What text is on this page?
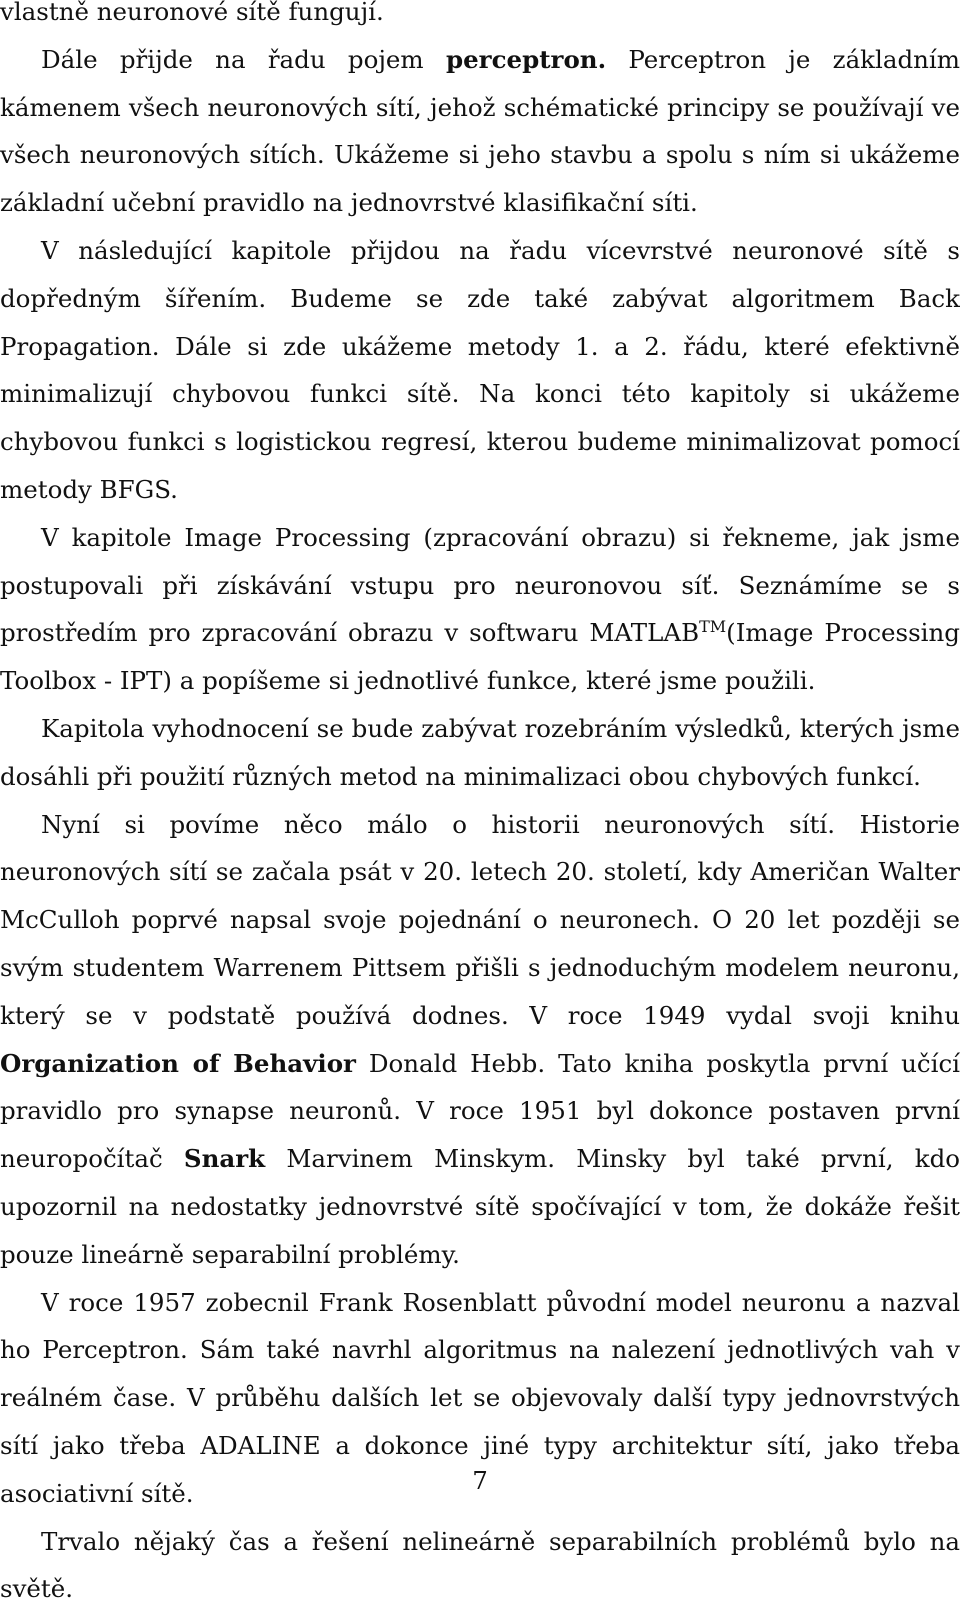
vlastně neuronové sítě fungují.

Dále přijde na řadu pojem perceptron. Perceptron je základním kámenem všech neuronových sítí, jehož schématické principy se používají ve všech neuronových sítích. Ukážeme si jeho stavbu a spolu s ním si ukážeme základní učební pravidlo na jednovrstvé klasifikační síti.

V následující kapitole přijdou na řadu vícevrstvé neuronové sítě s dopředným šířením. Budeme se zde také zabývat algoritmem Back Propagation. Dále si zde ukážeme metody 1. a 2. řádu, které efektivně minimalizují chybovou funkci sítě. Na konci této kapitoly si ukážeme chybovou funkci s logistickou regresí, kterou budeme minimalizovat pomocí metody BFGS.

V kapitole Image Processing (zpracování obrazu) si řekneme, jak jsme postupovali při získávání vstupu pro neuronovou síť. Seznámíme se s prostředím pro zpracování obrazu v softwaru MATLAB™(Image Processing Toolbox - IPT) a popíšeme si jednotlivé funkce, které jsme použili.

Kapitola vyhodnocení se bude zabývat rozebráním výsledků, kterých jsme dosáhli při použití různých metod na minimalizaci obou chybových funkcí.

Nyní si povíme něco málo o historii neuronových sítí. Historie neuronových sítí se začala psát v 20. letech 20. století, kdy Američan Walter McCulloh poprvé napsal svoje pojednání o neuronech. O 20 let později se svým studentem Warrenem Pittsem přišli s jednoduchým modelem neuronu, který se v podstatě používá dodnes. V roce 1949 vydal svoji knihu Organization of Behavior Donald Hebb. Tato kniha poskytla první učící pravidlo pro synapse neuronů. V roce 1951 byl dokonce postaven první neuropočítač Snark Marvinem Minskym. Minsky byl také první, kdo upozornil na nedostatky jednovrstvé sítě spočívající v tom, že dokáže řešit pouze lineárně separabilní problémy.

V roce 1957 zobecnil Frank Rosenblatt původní model neuronu a nazval ho Perceptron. Sám také navrhl algoritmus na nalezení jednotlivých vah v reálném čase. V průběhu dalších let se objevovaly další typy jednovrstvých sítí jako třeba ADALINE a dokonce jiné typy architektur sítí, jako třeba asociativní sítě.

Trvalo nějaký čas a řešení nelineárně separabilních problémů bylo na světě.

7
